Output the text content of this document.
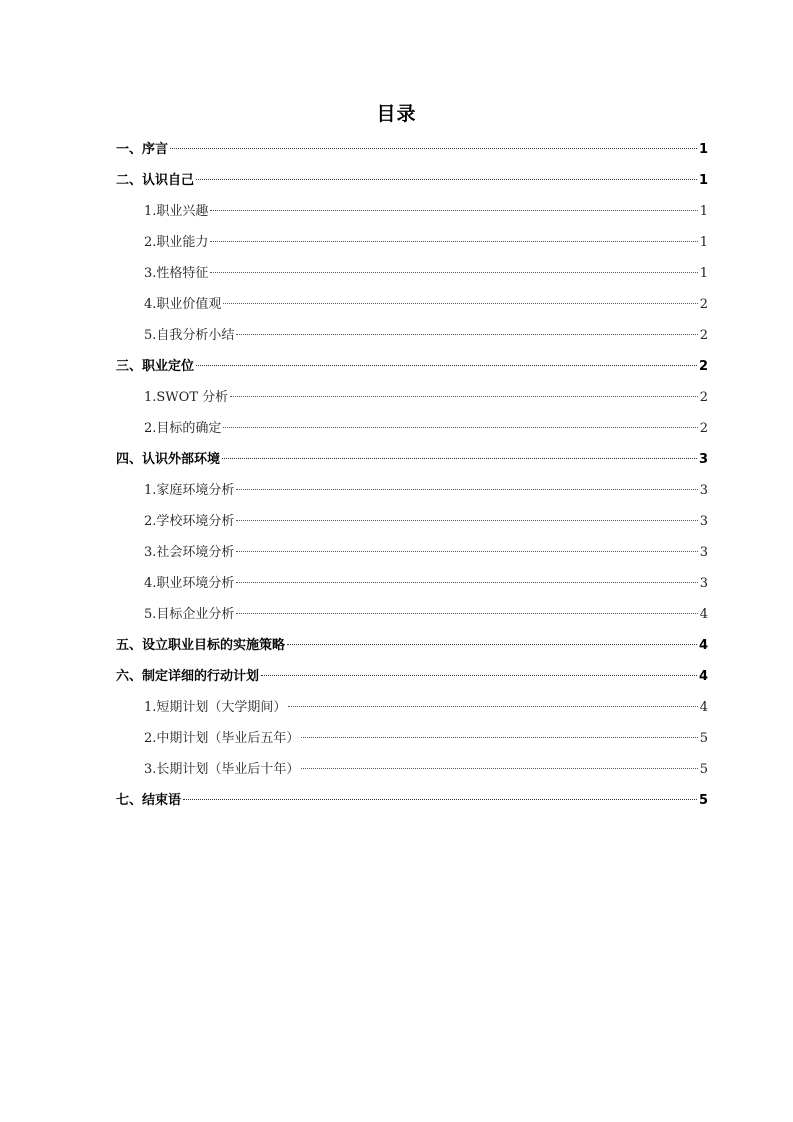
目录
一、序言	1
二、认识自己	1
1.职业兴趣	1
2.职业能力	1
3.性格特征	1
4.职业价值观	2
5.自我分析小结	2
三、职业定位	2
1.SWOT 分析	2
2.目标的确定	2
四、认识外部环境	3
1.家庭环境分析	3
2.学校环境分析	3
3.社会环境分析	3
4.职业环境分析	3
5.目标企业分析	4
五、设立职业目标的实施策略	4
六、制定详细的行动计划	4
1.短期计划（大学期间）	4
2.中期计划（毕业后五年）	5
3.长期计划（毕业后十年）	5
七、结束语	5
